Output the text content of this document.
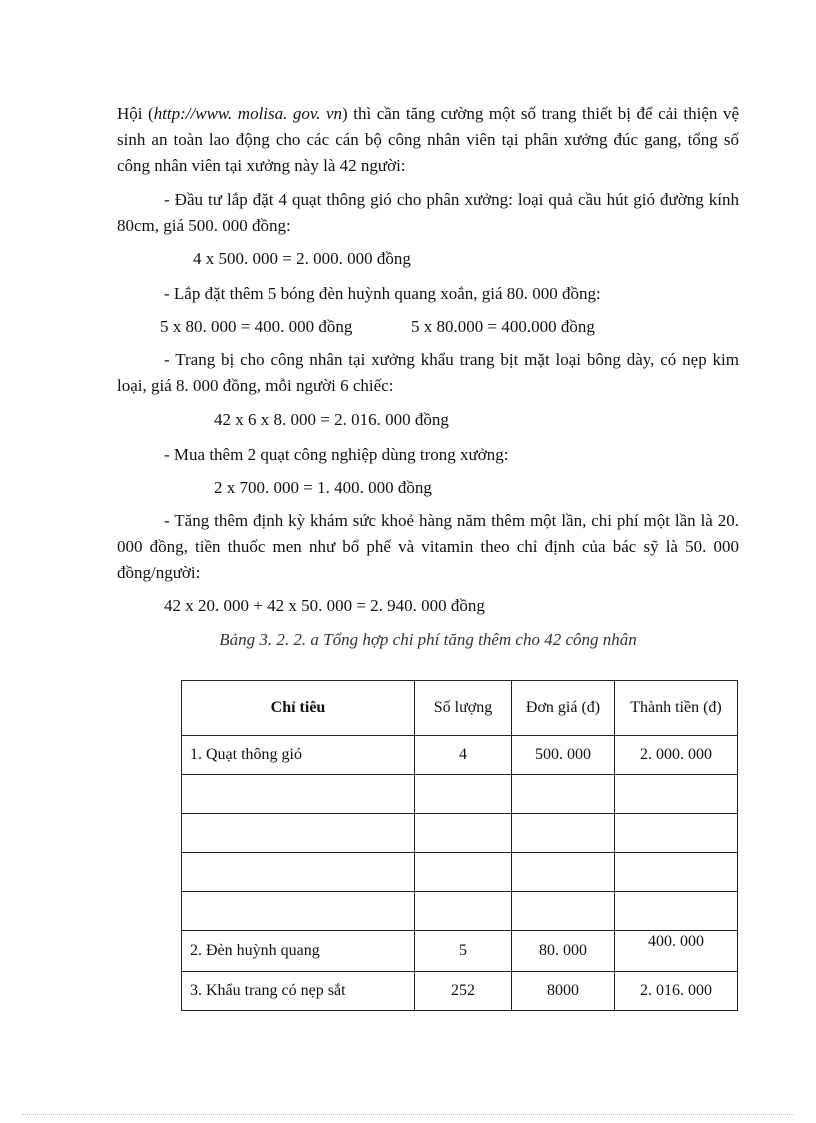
Hội (http://www. molisa. gov. vn) thì cần tăng cường một số trang thiết bị để cải thiện vệ sinh an toàn lao động cho các cán bộ công nhân viên tại phân xưởng đúc gang, tổng số công nhân viên tại xưởng này là 42 người:
- Đầu tư lắp đặt 4 quạt thông gió cho phân xưởng: loại quả cầu hút gió đường kính 80cm, giá 500. 000 đồng:
4 x 500. 000 = 2. 000. 000 đồng
- Lắp đặt thêm 5 bóng đèn huỳnh quang xoắn, giá 80. 000 đồng:
5 x 80. 000 = 400. 000 đồng	5 x 80.000 = 400.000 đồng
- Trang bị cho công nhân tại xưởng khẩu trang bịt mặt loại bông dày, có nẹp kim loại, giá 8. 000 đồng, mỗi người 6 chiếc:
42 x 6 x 8. 000 = 2. 016. 000 đồng
- Mua thêm 2 quạt công nghiệp dùng trong xưởng:
2 x 700. 000 = 1. 400. 000 đồng
- Tăng thêm định kỳ khám sức khoẻ hàng năm thêm một lần, chi phí một lần là 20. 000 đồng, tiền thuốc men như bổ phế và vitamin theo chỉ định của bác sỹ là 50. 000 đồng/người:
42 x 20. 000 + 42 x 50. 000 = 2. 940. 000 đồng
Bảng 3. 2. 2. a Tổng hợp chi phí tăng thêm cho 42 công nhân
Chỉ tiêu	Số lượng	Đơn giá (đ)	Thành tiền (đ)
1. Quạt thông gió	4	500. 000	2. 000. 000

2. Đèn huỳnh quang	5	80. 000	400. 000
3. Khẩu trang có nẹp sắt	252	8000	2. 016. 000
